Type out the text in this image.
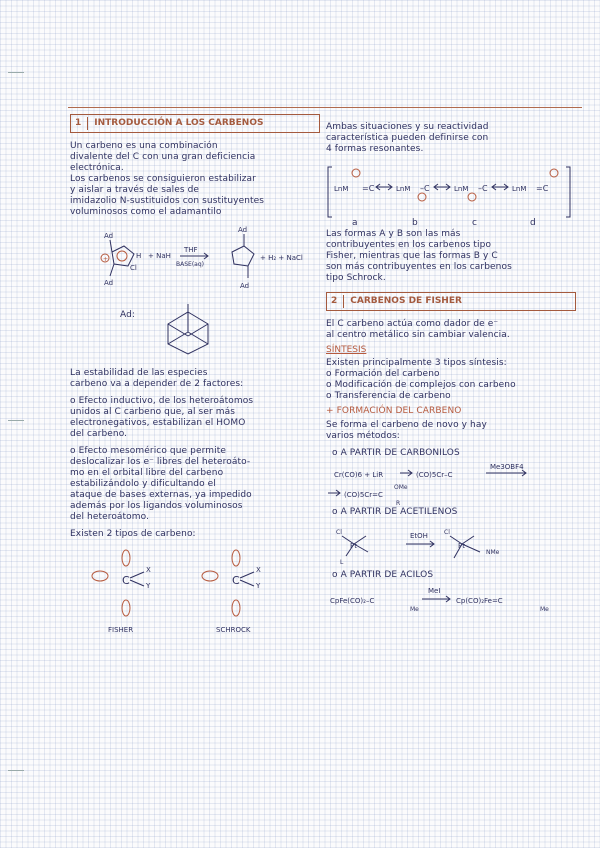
1	INTRODUCCIÓN A LOS CARBENOS

Un carbeno es una combinación

divalente del C con una gran deficiencia

electrónica.

Los carbenos se consiguieron estabilizar

y aislar a través de sales de

imidazolio N-sustituidos con sustituyentes

voluminosos como el adamantilo

+
Ad
Ad
H
Cl
+ NaH
THF
BASE(aq)
Ad
Ad
+ H₂ + NaCl
Ad:

La estabilidad de las especies

carbeno va a depender de 2 factores:

o Efecto inductivo, de los heteroátomos

unidos al C carbeno que, al ser más

electronegativos, estabilizan el HOMO

del carbeno.

o Efecto mesomérico que permite

deslocalizar los e⁻ libres del heteroáto-

mo en el orbital libre del carbeno

estabilizándolo y dificultando el

ataque de bases externas, ya impedido

además por los ligandos voluminosos

del heteroátomo.

Existen 2 tipos de carbeno:

C	C
X
Y
X
Y
FISHER	SCHROCK

Ambas situaciones y su reactividad

característica pueden definirse con

4 formas resonantes.

LnM	LnM	LnM	LnM
=C	–C	–C	=C
a	b	c	d

Las formas A y B son las más

contribuyentes en los carbenos tipo

Fisher, mientras que las formas B y C

son más contribuyentes en los carbenos

tipo Schrock.

2	CARBENOS DE FISHER

El C carbeno actúa como dador de e⁻

al centro metálico sin cambiar valencia.

SÍNTESIS

Existen principalmente 3 tipos síntesis:

o Formación del carbeno

o Modificación de complejos con carbeno

o Transferencia de carbeno

+ FORMACIÓN DEL CARBENO

Se forma el carbeno de novo y hay

varios métodos:

o A PARTIR DE CARBONILOS

Cr(CO)6 + LiR	(CO)5Cr–C
Me3OBF4
(CO)5Cr=C
OMe
R

o A PARTIR DE ACETILENOS

Cl
Pt
L
EtOH	Cl
Pt
NMe

o A PARTIR DE ACILOS

CpFe(CO)₂–C
MeI
Cp(CO)₂Fe=C
Me	Me
